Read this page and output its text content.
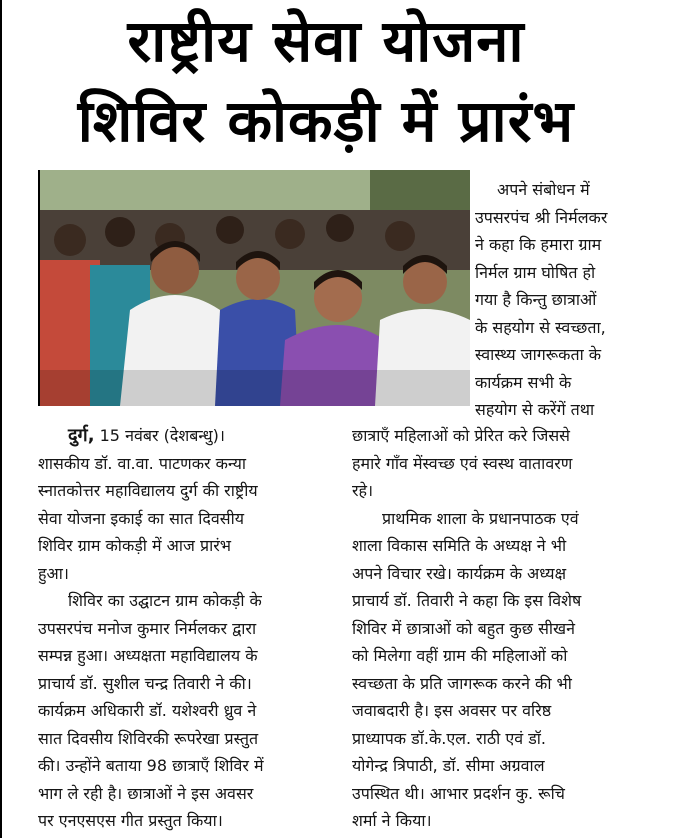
राष्ट्रीय सेवा योजना
शिविर कोकड़ी में प्रारंभ
अपने संबोधन में
उपसरपंच श्री निर्मलकर
ने कहा कि हमारा ग्राम
निर्मल ग्राम घोषित हो
गया है किन्तु छात्राओं
के सहयोग से स्वच्छता,
स्वास्थ्य जागरूकता के
कार्यक्रम सभी के
सहयोग से करेंगें तथा
दुर्ग, 15 नवंबर (देशबन्धु)।
शासकीय डॉ. वा.वा. पाटणकर कन्या
स्नातकोत्तर महाविद्यालय दुर्ग की राष्ट्रीय
सेवा योजना इकाई का सात दिवसीय
शिविर ग्राम कोकड़ी में आज प्रारंभ
हुआ।
शिविर का उद्घाटन ग्राम कोकड़ी के
उपसरपंच मनोज कुमार निर्मलकर द्वारा
सम्पन्न हुआ। अध्यक्षता महाविद्यालय के
प्राचार्य डॉ. सुशील चन्द्र तिवारी ने की।
कार्यक्रम अधिकारी डॉ. यशेश्वरी ध्रुव ने
सात दिवसीय शिविरकी रूपरेखा प्रस्तुत
की। उन्होंने बताया 98 छात्राएँ शिविर में
भाग ले रही है। छात्राओं ने इस अवसर
पर एनएसएस गीत प्रस्तुत किया।
छात्राएँ महिलाओं को प्रेरित करे जिससे
हमारे गाँव मेंस्वच्छ एवं स्वस्थ वातावरण
रहे।
प्राथमिक शाला के प्रधानपाठक एवं
शाला विकास समिति के अध्यक्ष ने भी
अपने विचार रखे। कार्यक्रम के अध्यक्ष
प्राचार्य डॉ. तिवारी ने कहा कि इस विशेष
शिविर में छात्राओं को बहुत कुछ सीखने
को मिलेगा वहीं ग्राम की महिलाओं को
स्वच्छता के प्रति जागरूक करने की भी
जवाबदारी है। इस अवसर पर वरिष्ठ
प्राध्यापक डॉ.के.एल. राठी एवं डॉ.
योगेन्द्र त्रिपाठी, डॉ. सीमा अग्रवाल
उपस्थित थी। आभार प्रदर्शन कु. रूचि
शर्मा ने किया।
